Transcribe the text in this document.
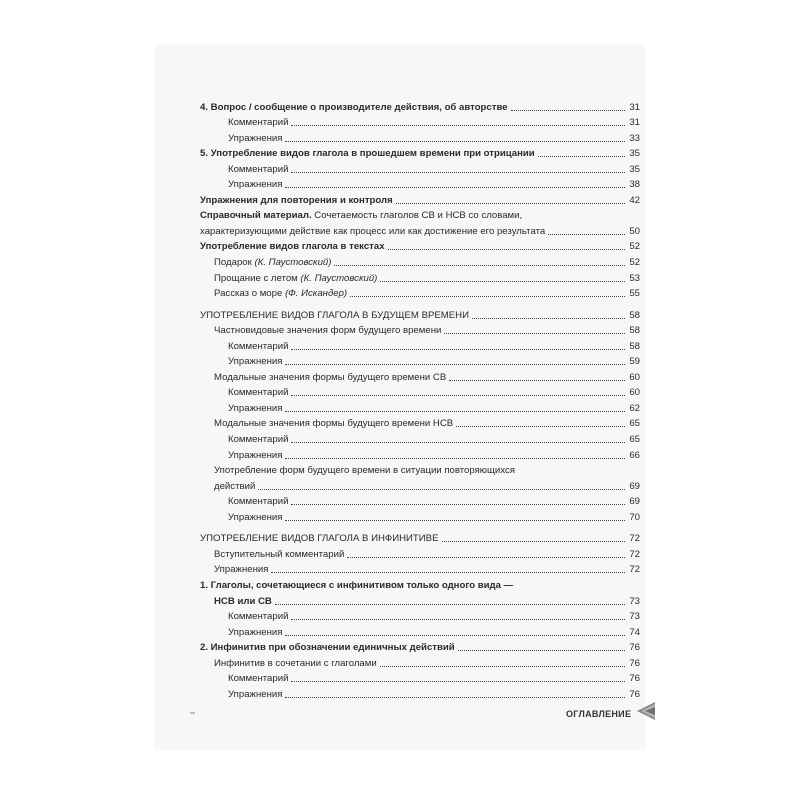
4. Вопрос / сообщение о производителе действия, об авторстве	31
Комментарий	31
Упражнения	33
5. Употребление видов глагола в прошедшем времени при отрицании	35
Комментарий	35
Упражнения	38
Упражнения для повторения и контроля	42
Справочный материал. Сочетаемость глаголов СВ и НСВ со словами,
характеризующими действие как процесс или как достижение его результата	50
Употребление видов глагола в текстах	52
Подарок (К. Паустовский)	52
Прощание с летом (К. Паустовский)	53
Рассказ о море (Ф. Искандер)	55
УПОТРЕБЛЕНИЕ ВИДОВ ГЛАГОЛА В БУДУЩЕМ ВРЕМЕНИ	58
Частновидовые значения форм будущего времени	58
Комментарий	58
Упражнения	59
Модальные значения формы будущего времени СВ	60
Комментарий	60
Упражнения	62
Модальные значения формы будущего времени НСВ	65
Комментарий	65
Упражнения	66
Употребление форм будущего времени в ситуации повторяющихся
действий	69
Комментарий	69
Упражнения	70
УПОТРЕБЛЕНИЕ ВИДОВ ГЛАГОЛА В ИНФИНИТИВЕ	72
Вступительный комментарий	72
Упражнения	72
1. Глаголы, сочетающиеся с инфинитивом только одного вида —
НСВ или СВ	73
Комментарий	73
Упражнения	74
2. Инфинитив при обозначении единичных действий	76
Инфинитив в сочетании с глаголами	76
Комментарий	76
Упражнения	76
ОГЛАВЛЕНИЕ
